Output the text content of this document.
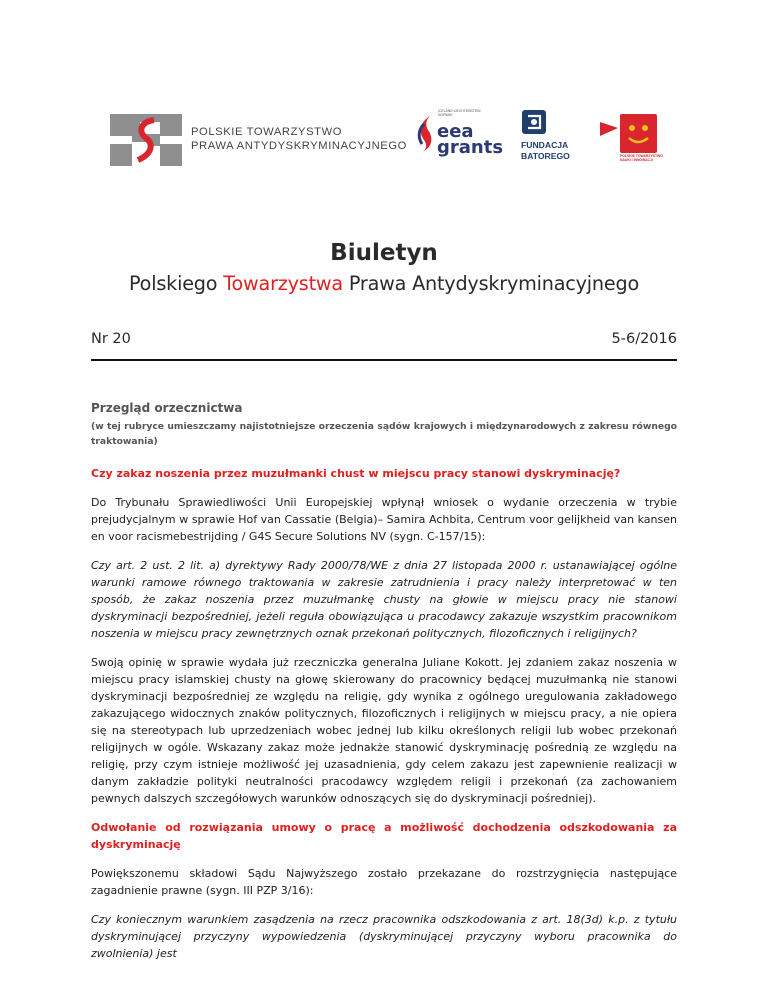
POLSKIE TOWARZYSTWO
PRAWA ANTYDYSKRYMINACYJNEGO
ICELAND LIECHTENSTEIN NORWAY
eea
grants FUNDACJA
BATOREGO	POLSKIE TOWARZYSTWO NAUKI I INNOWACJI
Biuletyn
Polskiego Towarzystwa Prawa Antydyskryminacyjnego
Nr 20	5-6/2016

Przegląd orzecznictwa

(w tej rubryce umieszczamy najistotniejsze orzeczenia sądów krajowych i międzynarodowych z zakresu równego traktowania)

Czy zakaz noszenia przez muzułmanki chust w miejscu pracy stanowi dyskryminację?

Do Trybunału Sprawiedliwości Unii Europejskiej wpłynął wniosek o wydanie orzeczenia w trybie prejudycjalnym w sprawie Hof van Cassatie (Belgia)– Samira Achbita, Centrum voor gelijkheid van kansen en voor racismebestrijding / G4S Secure Solutions NV (sygn. C-157/15):

Czy art. 2 ust. 2 lit. a) dyrektywy Rady 2000/78/WE z dnia 27 listopada 2000 r. ustanawiającej ogólne warunki ramowe równego traktowania w zakresie zatrudnienia i pracy należy interpretować w ten sposób, że zakaz noszenia przez muzułmankę chusty na głowie w miejscu pracy nie stanowi dyskryminacji bezpośredniej, jeżeli reguła obowiązująca u pracodawcy zakazuje wszystkim pracownikom noszenia w miejscu pracy zewnętrznych oznak przekonań politycznych, filozoficznych i religijnych?

Swoją opinię w sprawie wydała już rzeczniczka generalna Juliane Kokott. Jej zdaniem zakaz noszenia w miejscu pracy islamskiej chusty na głowę skierowany do pracownicy będącej muzułmanką nie stanowi dyskryminacji bezpośredniej ze względu na religię, gdy wynika z ogólnego uregulowania zakładowego zakazującego widocznych znaków politycznych, filozoficznych i religijnych w miejscu pracy, a nie opiera się na stereotypach lub uprzedzeniach wobec jednej lub kilku określonych religii lub wobec przekonań religijnych w ogóle. Wskazany zakaz może jednakże stanowić dyskryminację pośrednią ze względu na religię, przy czym istnieje możliwość jej uzasadnienia, gdy celem zakazu jest zapewnienie realizacji w danym zakładzie polityki neutralności pracodawcy względem religii i przekonań (za zachowaniem pewnych dalszych szczegółowych warunków odnoszących się do dyskryminacji pośredniej).

Odwołanie od rozwiązania umowy o pracę a możliwość dochodzenia odszkodowania za dyskryminację

Powiększonemu składowi Sądu Najwyższego zostało przekazane do rozstrzygnięcia następujące zagadnienie prawne (sygn. III PZP 3/16):

Czy koniecznym warunkiem zasądzenia na rzecz pracownika odszkodowania z art. 18(3d) k.p. z tytułu dyskryminującej przyczyny wypowiedzenia (dyskryminującej przyczyny wyboru pracownika do zwolnienia) jest
